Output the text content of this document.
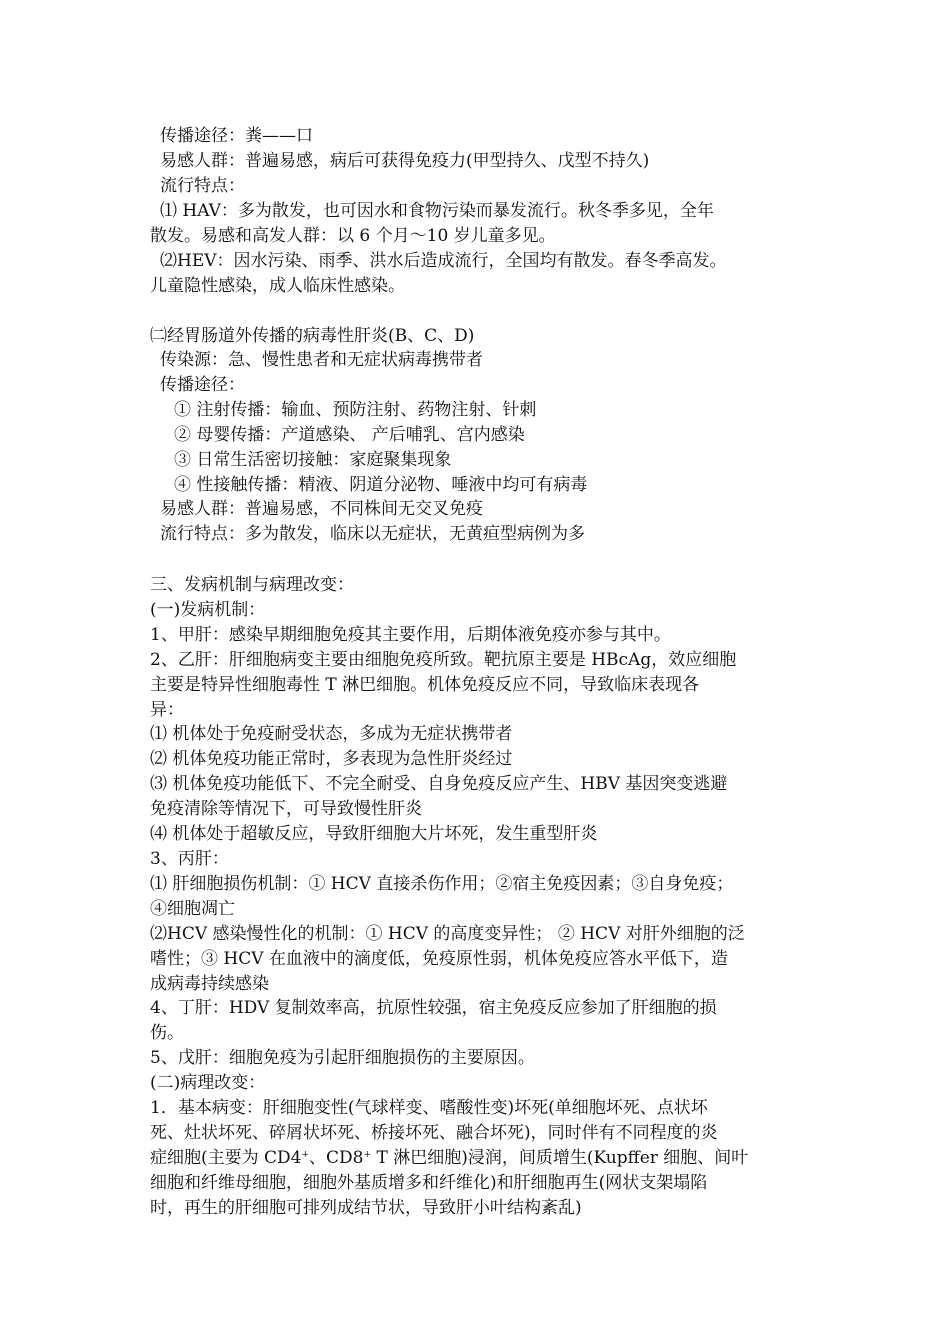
传播途径：粪——口
易感人群：普遍易感，病后可获得免疫力(甲型持久、戊型不持久)
流行特点：
⑴ HAV：多为散发，也可因水和食物污染而暴发流行。秋冬季多见，全年
散发。易感和高发人群：以 6 个月～10 岁儿童多见。
⑵HEV：因水污染、雨季、洪水后造成流行，全国均有散发。春冬季高发。
儿童隐性感染，成人临床性感染。
㈡经胃肠道外传播的病毒性肝炎(B、C、D)
传染源：急、慢性患者和无症状病毒携带者
传播途径：
① 注射传播：输血、预防注射、药物注射、针刺
② 母婴传播：产道感染、 产后哺乳、宫内感染
③ 日常生活密切接触：家庭聚集现象
④ 性接触传播：精液、阴道分泌物、唾液中均可有病毒
易感人群：普遍易感，不同株间无交叉免疫
流行特点：多为散发，临床以无症状，无黄疸型病例为多
三、发病机制与病理改变：
(一)发病机制：
1、甲肝：感染早期细胞免疫其主要作用，后期体液免疫亦参与其中。
2、乙肝：肝细胞病变主要由细胞免疫所致。靶抗原主要是 HBcAg，效应细胞
主要是特异性细胞毒性 T 淋巴细胞。机体免疫反应不同，导致临床表现各
异：
⑴ 机体处于免疫耐受状态，多成为无症状携带者
⑵ 机体免疫功能正常时，多表现为急性肝炎经过
⑶ 机体免疫功能低下、不完全耐受、自身免疫反应产生、HBV 基因突变逃避
免疫清除等情况下，可导致慢性肝炎
⑷ 机体处于超敏反应，导致肝细胞大片坏死，发生重型肝炎
3、丙肝：
⑴ 肝细胞损伤机制：① HCV 直接杀伤作用；②宿主免疫因素；③自身免疫；
④细胞凋亡
⑵HCV 感染慢性化的机制：① HCV 的高度变异性； ② HCV 对肝外细胞的泛
嗜性；③ HCV 在血液中的滴度低，免疫原性弱，机体免疫应答水平低下，造
成病毒持续感染
4、丁肝：HDV 复制效率高，抗原性较强，宿主免疫反应参加了肝细胞的损
伤。
5、戊肝：细胞免疫为引起肝细胞损伤的主要原因。
(二)病理改变：
1．基本病变：肝细胞变性(气球样变、嗜酸性变)坏死(单细胞坏死、点状坏
死、灶状坏死、碎屑状坏死、桥接坏死、融合坏死)，同时伴有不同程度的炎
症细胞(主要为 CD4+、CD8+ T 淋巴细胞)浸润，间质增生(Kupffer 细胞、间叶
细胞和纤维母细胞，细胞外基质增多和纤维化)和肝细胞再生(网状支架塌陷
时，再生的肝细胞可排列成结节状，导致肝小叶结构紊乱)
